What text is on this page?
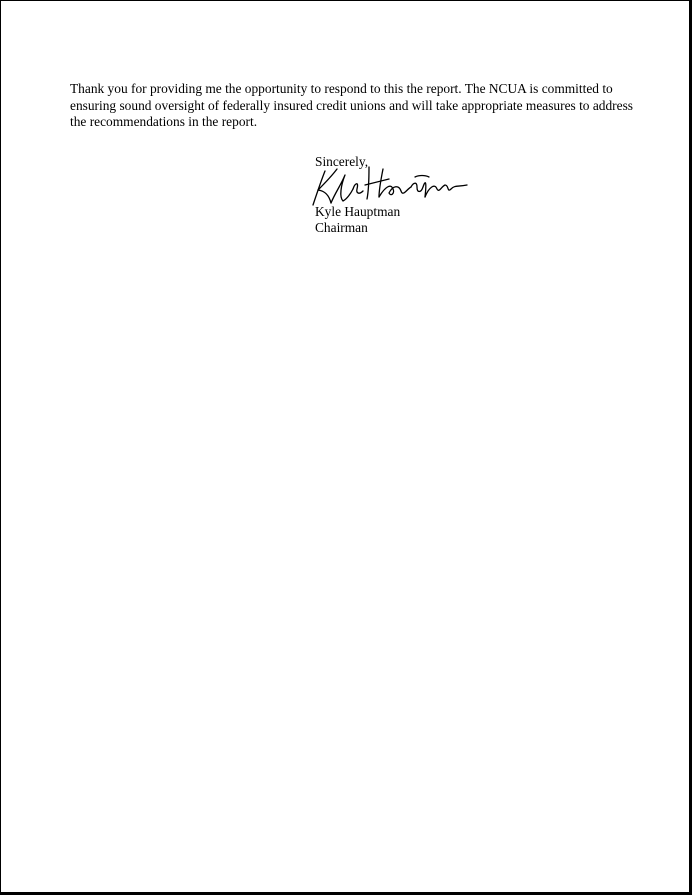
Thank you for providing me the opportunity to respond to this the report. The NCUA is committed to ensuring sound oversight of federally insured credit unions and will take appropriate measures to address the recommendations in the report.

Sincerely,
Kyle Hauptman
Chairman
